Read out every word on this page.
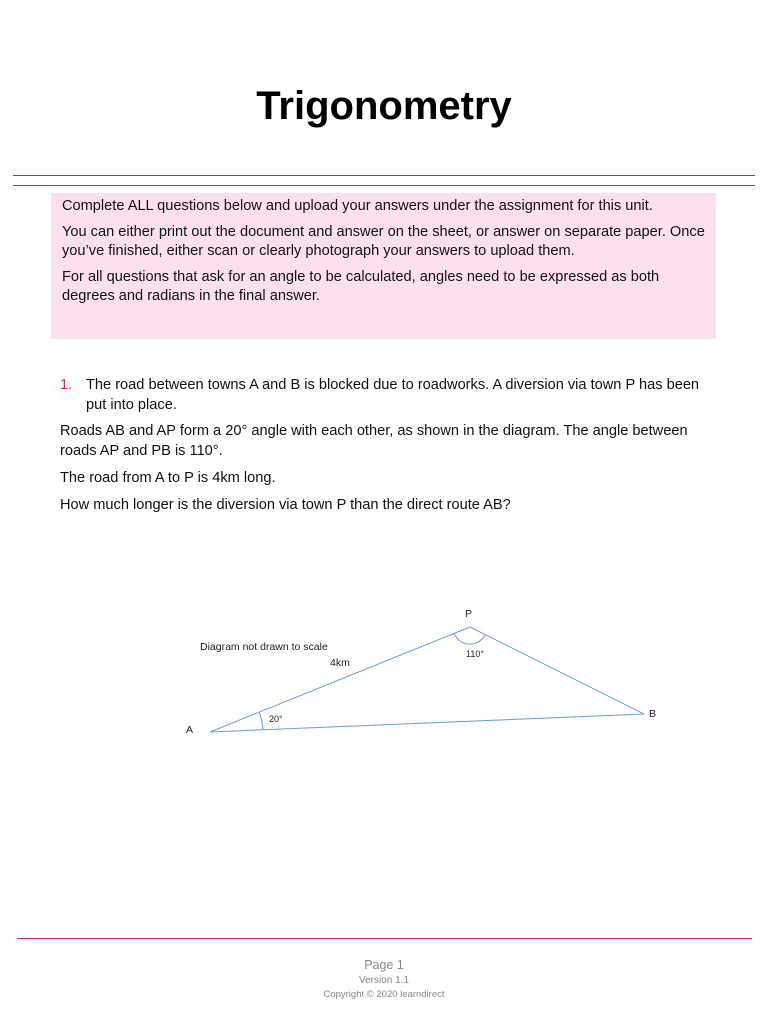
Trigonometry

Complete ALL questions below and upload your answers under the assignment for this unit.

You can either print out the document and answer on the sheet, or answer on separate paper. Once you’ve finished, either scan or clearly photograph your answers to upload them.

For all questions that ask for an angle to be calculated, angles need to be expressed as both degrees and radians in the final answer.

1. The road between towns A and B is blocked due to roadworks. A diversion via town P has been put into place.

Roads AB and AP form a 20° angle with each other, as shown in the diagram. The angle between roads AP and PB is 110°.

The road from A to P is 4km long.

How much longer is the diversion via town P than the direct route AB?

Diagram not drawn to scale
4km
20°
110°
A
P
B
Page 1
Version 1.1
Copyright © 2020 learndirect
